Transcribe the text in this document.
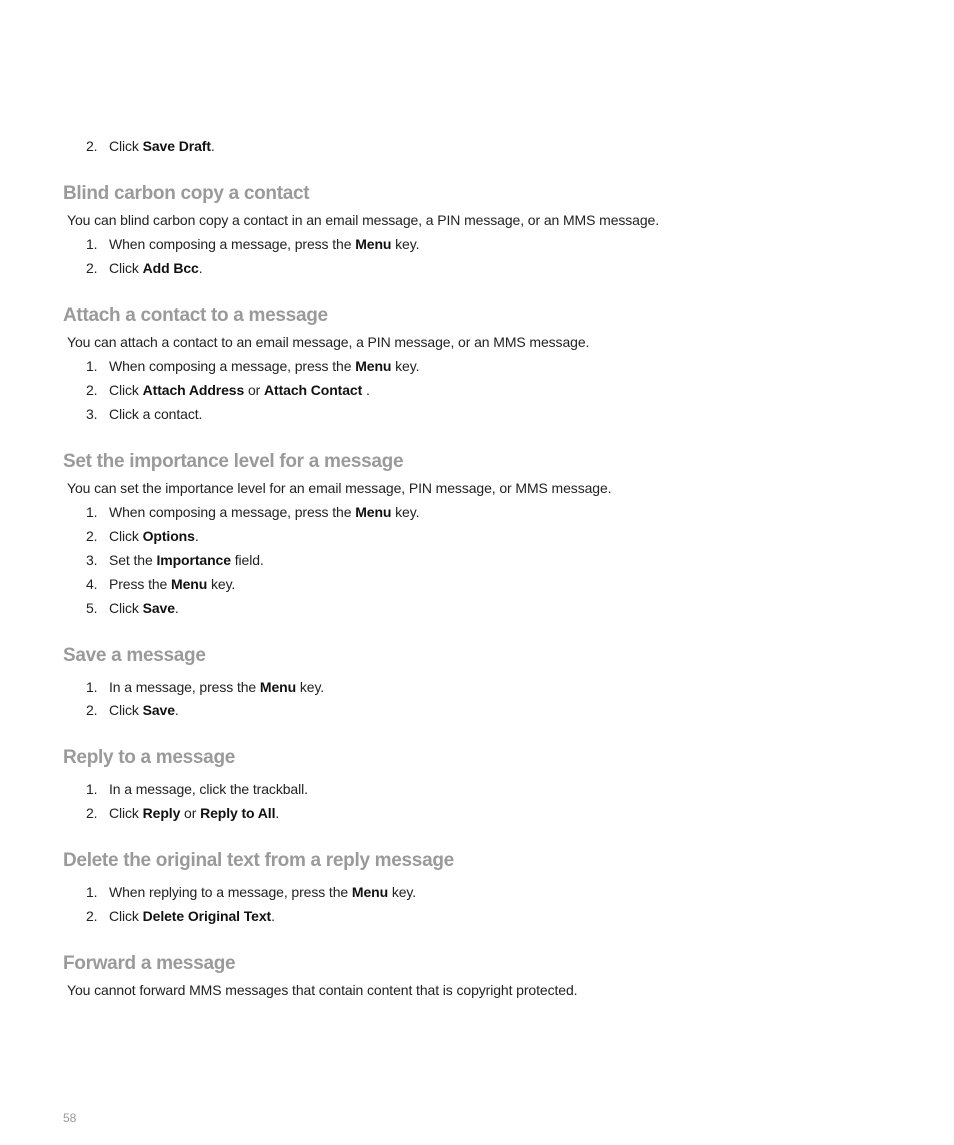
2. Click Save Draft.
Blind carbon copy a contact
You can blind carbon copy a contact in an email message, a PIN message, or an MMS message.
1. When composing a message, press the Menu key.
2. Click Add Bcc.
Attach a contact to a message
You can attach a contact to an email message, a PIN message, or an MMS message.
1. When composing a message, press the Menu key.
2. Click Attach Address or Attach Contact .
3. Click a contact.
Set the importance level for a message
You can set the importance level for an email message, PIN message, or MMS message.
1. When composing a message, press the Menu key.
2. Click Options.
3. Set the Importance field.
4. Press the Menu key.
5. Click Save.
Save a message
1. In a message, press the Menu key.
2. Click Save.
Reply to a message
1. In a message, click the trackball.
2. Click Reply or Reply to All.
Delete the original text from a reply message
1. When replying to a message, press the Menu key.
2. Click Delete Original Text.
Forward a message
You cannot forward MMS messages that contain content that is copyright protected.
58
